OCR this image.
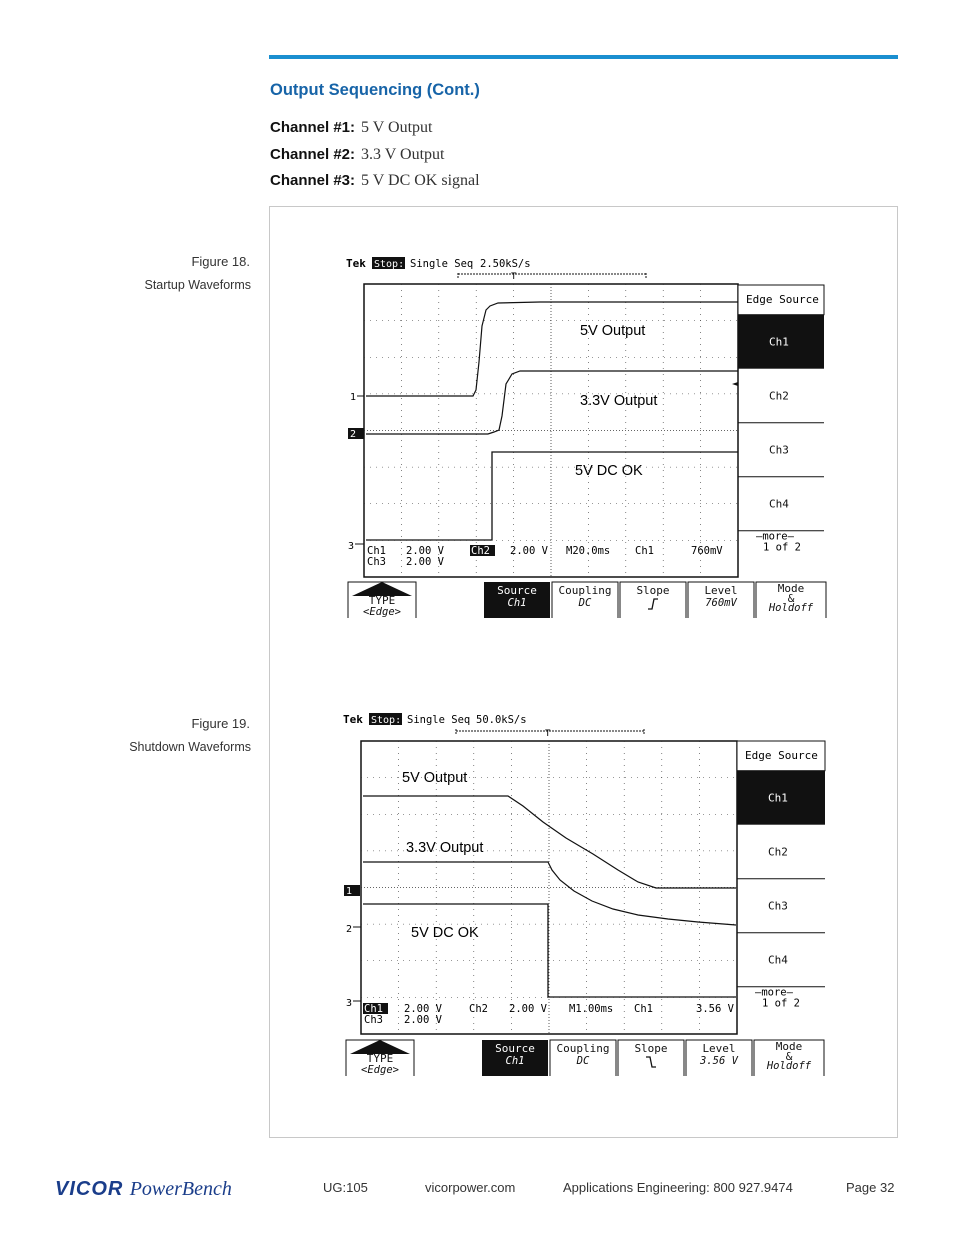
Output Sequencing (Cont.)
Channel #1: 5 V Output
Channel #2: 3.3 V Output
Channel #3: 5 V DC OK signal
Figure 18.
Startup Waveforms
Figure 19.
Shutdown Waveforms
Tek Stop: Single Seq 2.50kS/s
T
1
2
3
5V Output
3.3V Output
5V DC OK
Ch1 2.00 V	Ch2 2.00 V M20.0ms Ch1	760mV
Ch3 2.00 V
Edge Source
Ch1
Ch2
Ch3
Ch4
–more–
1 of 2
TYPE
<Edge>
Source
Ch1
Coupling
DC
Slope	Level
760mV
Mode
&
Holdoff
Tek Stop: Single Seq 50.0kS/s
T
1
2
3
5V Output
3.3V Output
5V DC OK
Ch1 2.00 V	Ch2 2.00 V M1.00ms Ch1	3.56 V
Ch3 2.00 V
Edge Source
Ch1
Ch2
Ch3
Ch4
–more–
1 of 2
TYPE
<Edge>
Source
Ch1
Coupling
DC
Slope	Level
3.56 V
Mode
&
Holdoff
VICOR PowerBench	UG:105	vicorpower.com	Applications Engineering: 800 927.9474	Page 32
